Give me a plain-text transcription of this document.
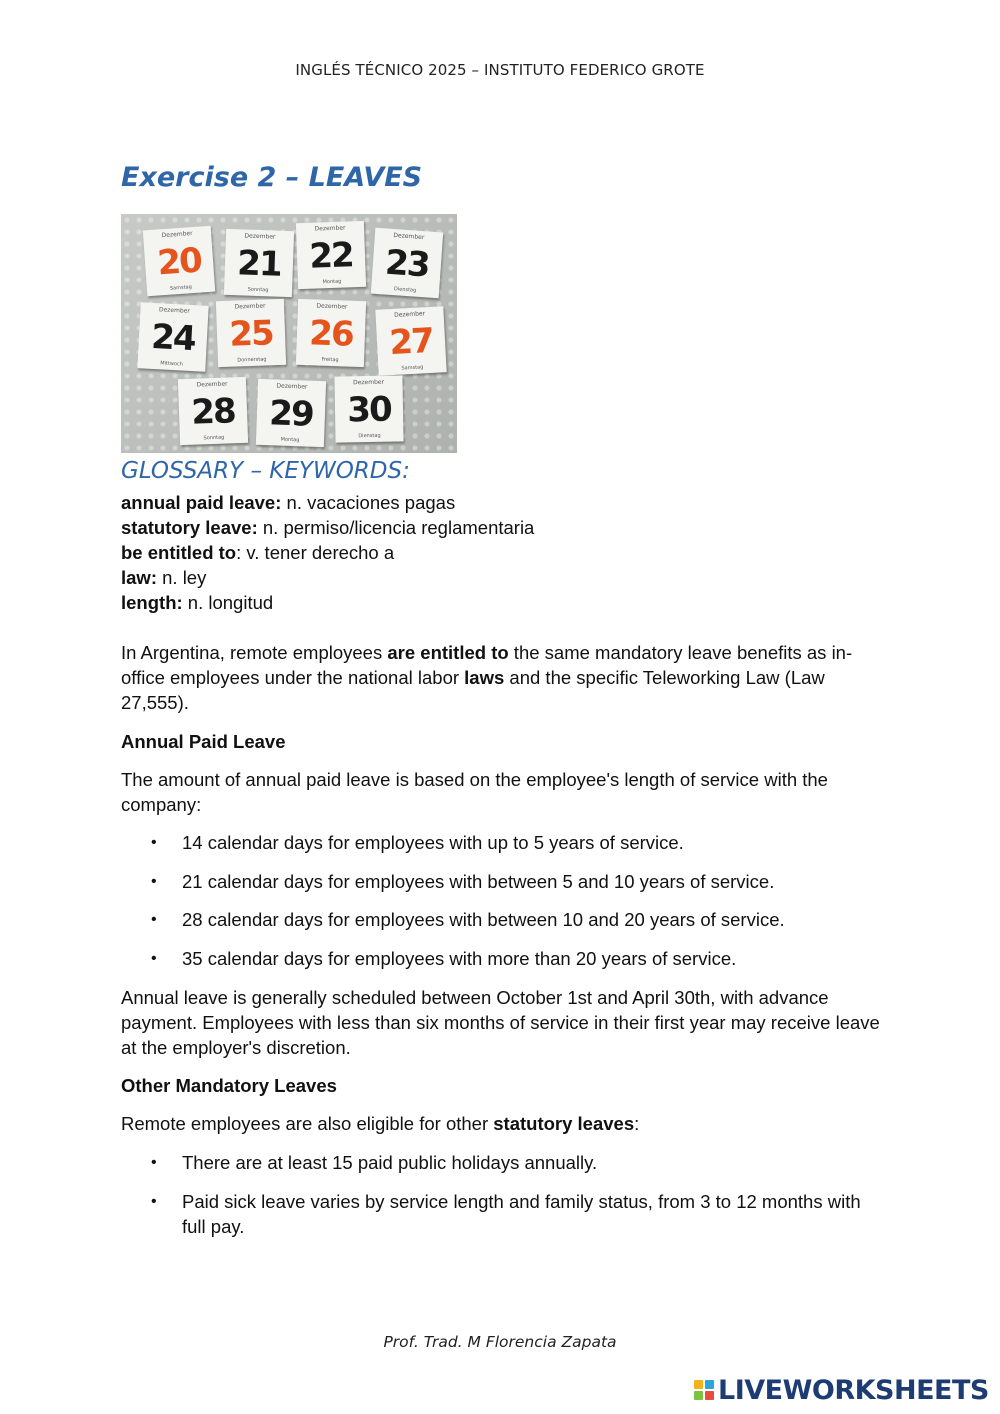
INGLÉS TÉCNICO 2025 – INSTITUTO FEDERICO GROTE
Exercise 2 – LEAVES
Dezember
20
Samstag
Dezember
21
Sonntag
Dezember
22
Montag
Dezember
23
Dienstag
Dezember
24
Mittwoch
Dezember
25
Donnerstag
Dezember
26
Freitag
Dezember
27
Samstag
Dezember
28
Sonntag
Dezember
29
Montag
Dezember
30
Dienstag
GLOSSARY – KEYWORDS:
annual paid leave: n. vacaciones pagas
statutory leave: n. permiso/licencia reglamentaria
be entitled to: v. tener derecho a
law: n. ley
length: n. longitud

In Argentina, remote employees are entitled to the same mandatory leave benefits as in-office employees under the national labor laws and the specific Teleworking Law (Law 27,555).

Annual Paid Leave

The amount of annual paid leave is based on the employee's length of service with the company:

• 14 calendar days for employees with up to 5 years of service.
• 21 calendar days for employees with between 5 and 10 years of service.
• 28 calendar days for employees with between 10 and 20 years of service.
• 35 calendar days for employees with more than 20 years of service.

Annual leave is generally scheduled between October 1st and April 30th, with advance payment. Employees with less than six months of service in their first year may receive leave at the employer's discretion.

Other Mandatory Leaves

Remote employees are also eligible for other statutory leaves:

• There are at least 15 paid public holidays annually.
• Paid sick leave varies by service length and family status, from 3 to 12 months with full pay.
Prof. Trad. M Florencia Zapata
LIVEWORKSHEETS
